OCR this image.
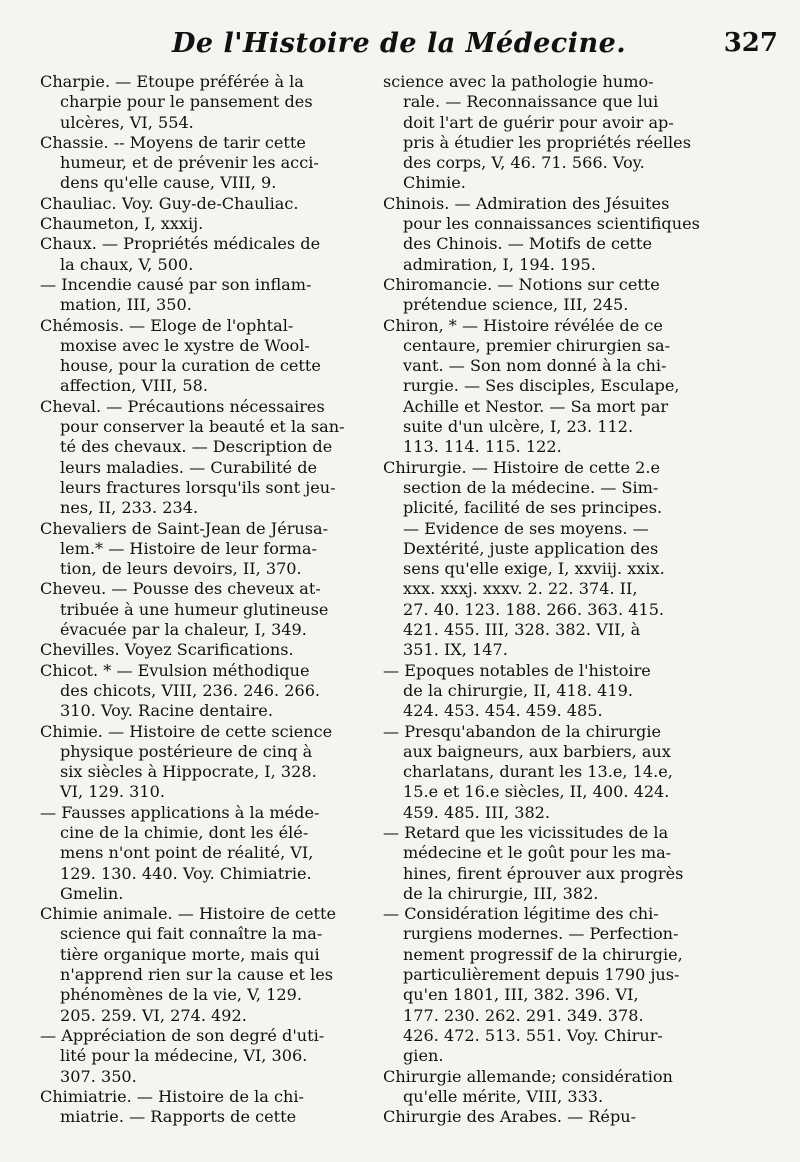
De l'Histoire de la Médecine.	327
Charpie. — Etoupe préférée à la
charpie pour le pansement des
ulcères, VI, 554.
Chassie. -- Moyens de tarir cette
humeur, et de prévenir les acci-
dens qu'elle cause, VIII, 9.
Chauliac. Voy. Guy-de-Chauliac.
Chaumeton, I, xxxij.
Chaux. — Propriétés médicales de
la chaux, V, 500.
— Incendie causé par son inflam-
mation, III, 350.
Chémosis. — Eloge de l'ophtal-
moxise avec le xystre de Wool-
house, pour la curation de cette
affection, VIII, 58.
Cheval. — Précautions nécessaires
pour conserver la beauté et la san-
té des chevaux. — Description de
leurs maladies. — Curabilité de
leurs fractures lorsqu'ils sont jeu-
nes, II, 233. 234.
Chevaliers de Saint-Jean de Jérusa-
lem.* — Histoire de leur forma-
tion, de leurs devoirs, II, 370.
Cheveu. — Pousse des cheveux at-
tribuée à une humeur glutineuse
évacuée par la chaleur, I, 349.
Chevilles. Voyez Scarifications.
Chicot. * — Evulsion méthodique
des chicots, VIII, 236. 246. 266.
310. Voy. Racine dentaire.
Chimie. — Histoire de cette science
physique postérieure de cinq à
six siècles à Hippocrate, I, 328.
VI, 129. 310.
— Fausses applications à la méde-
cine de la chimie, dont les élé-
mens n'ont point de réalité, VI,
129. 130. 440. Voy. Chimiatrie.
Gmelin.
Chimie animale. — Histoire de cette
science qui fait connaître la ma-
tière organique morte, mais qui
n'apprend rien sur la cause et les
phénomènes de la vie, V, 129.
205. 259. VI, 274. 492.
— Appréciation de son degré d'uti-
lité pour la médecine, VI, 306.
307. 350.
Chimiatrie. — Histoire de la chi-
miatrie. — Rapports de cette
science avec la pathologie humo-
rale. — Reconnaissance que lui
doit l'art de guérir pour avoir ap-
pris à étudier les propriétés réelles
des corps, V, 46. 71. 566. Voy.
Chimie.
Chinois. — Admiration des Jésuites
pour les connaissances scientifiques
des Chinois. — Motifs de cette
admiration, I, 194. 195.
Chiromancie. — Notions sur cette
prétendue science, III, 245.
Chiron, * — Histoire révélée de ce
centaure, premier chirurgien sa-
vant. — Son nom donné à la chi-
rurgie. — Ses disciples, Esculape,
Achille et Nestor. — Sa mort par
suite d'un ulcère, I, 23. 112.
113. 114. 115. 122.
Chirurgie. — Histoire de cette 2.e
section de la médecine. — Sim-
plicité, facilité de ses principes.
— Evidence de ses moyens. —
Dextérité, juste application des
sens qu'elle exige, I, xxviij. xxix.
xxx. xxxj. xxxv. 2. 22. 374. II,
27. 40. 123. 188. 266. 363. 415.
421. 455. III, 328. 382. VII, à
351. IX, 147.
— Epoques notables de l'histoire
de la chirurgie, II, 418. 419.
424. 453. 454. 459. 485.
— Presqu'abandon de la chirurgie
aux baigneurs, aux barbiers, aux
charlatans, durant les 13.e, 14.e,
15.e et 16.e siècles, II, 400. 424.
459. 485. III, 382.
— Retard que les vicissitudes de la
médecine et le goût pour les ma-
hines, firent éprouver aux progrès
de la chirurgie, III, 382.
— Considération légitime des chi-
rurgiens modernes. — Perfection-
nement progressif de la chirurgie,
particulièrement depuis 1790 jus-
qu'en 1801, III, 382. 396. VI,
177. 230. 262. 291. 349. 378.
426. 472. 513. 551. Voy. Chirur-
gien.
Chirurgie allemande; considération
qu'elle mérite, VIII, 333.
Chirurgie des Arabes. — Répu-
